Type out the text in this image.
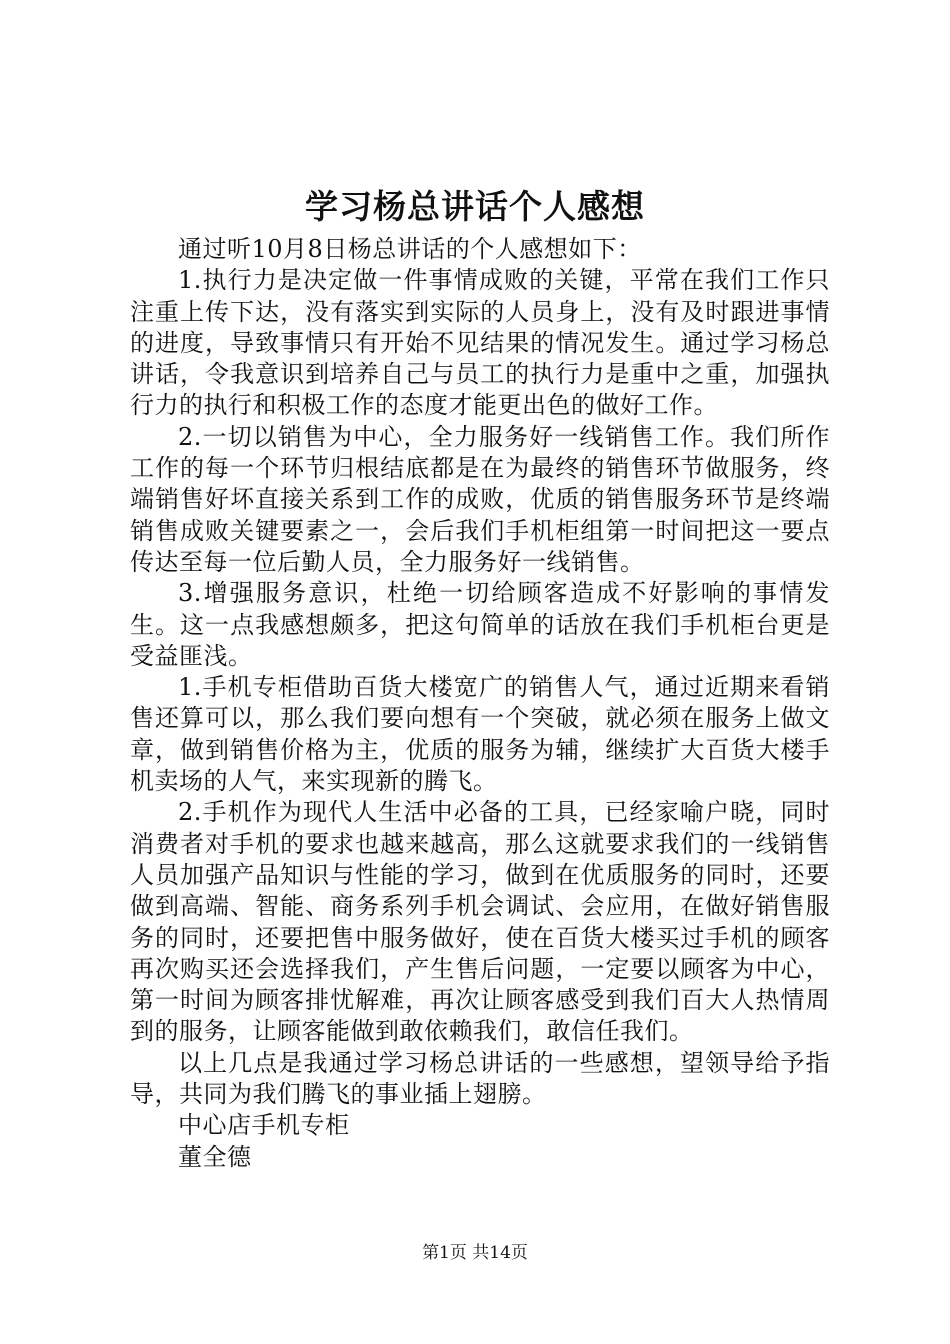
学习杨总讲话个人感想

通过听10月8日杨总讲话的个人感想如下：

1.执行力是决定做一件事情成败的关键，平常在我们工作只注重上传下达，没有落实到实际的人员身上，没有及时跟进事情的进度，导致事情只有开始不见结果的情况发生。通过学习杨总讲话，令我意识到培养自己与员工的执行力是重中之重，加强执行力的执行和积极工作的态度才能更出色的做好工作。

2.一切以销售为中心，全力服务好一线销售工作。我们所作工作的每一个环节归根结底都是在为最终的销售环节做服务，终端销售好坏直接关系到工作的成败，优质的销售服务环节是终端销售成败关键要素之一，会后我们手机柜组第一时间把这一要点传达至每一位后勤人员，全力服务好一线销售。

3.增强服务意识，杜绝一切给顾客造成不好影响的事情发生。这一点我感想颇多，把这句简单的话放在我们手机柜台更是受益匪浅。

1.手机专柜借助百货大楼宽广的销售人气，通过近期来看销售还算可以，那么我们要向想有一个突破，就必须在服务上做文章，做到销售价格为主，优质的服务为辅，继续扩大百货大楼手机卖场的人气，来实现新的腾飞。

2.手机作为现代人生活中必备的工具，已经家喻户晓，同时消费者对手机的要求也越来越高，那么这就要求我们的一线销售人员加强产品知识与性能的学习，做到在优质服务的同时，还要做到高端、智能、商务系列手机会调试、会应用，在做好销售服务的同时，还要把售中服务做好，使在百货大楼买过手机的顾客再次购买还会选择我们，产生售后问题，一定要以顾客为中心，第一时间为顾客排忧解难，再次让顾客感受到我们百大人热情周到的服务，让顾客能做到敢依赖我们，敢信任我们。

以上几点是我通过学习杨总讲话的一些感想，望领导给予指导，共同为我们腾飞的事业插上翅膀。

中心店手机专柜

董全德

第1页 共14页
